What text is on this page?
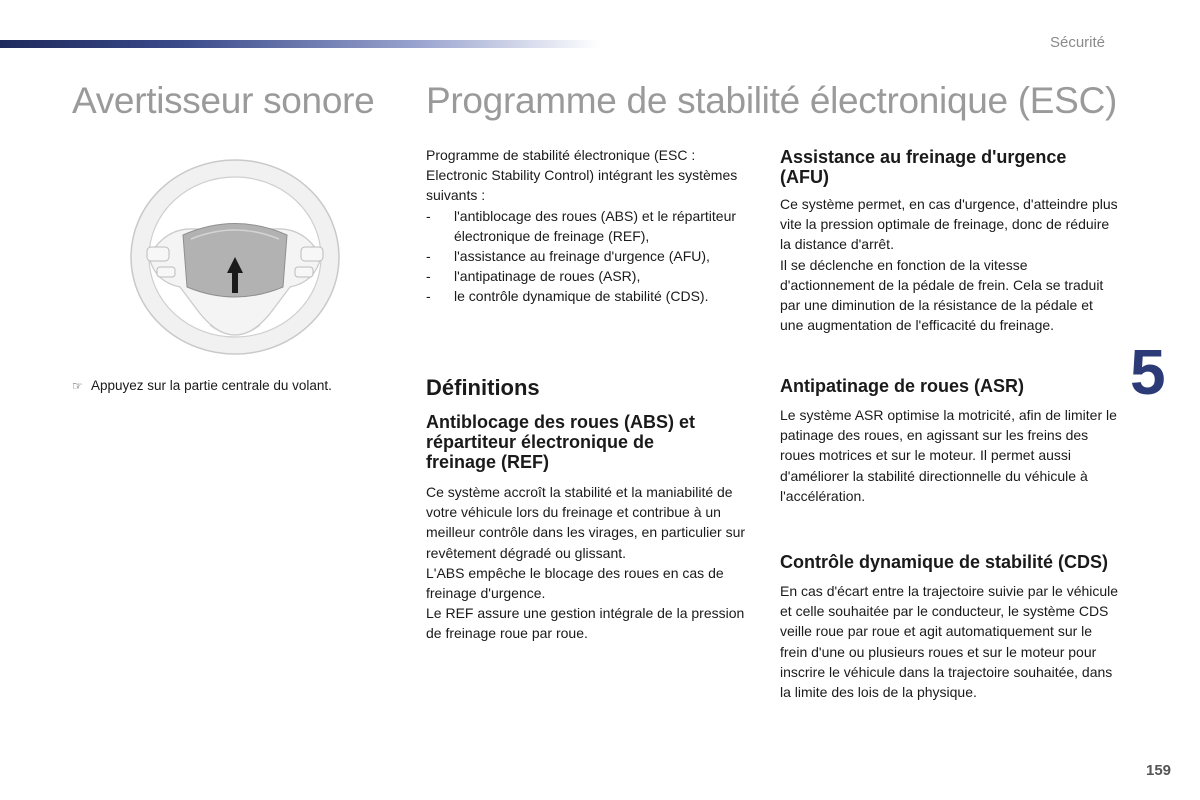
Sécurité
Avertisseur sonore Programme de stabilité électronique (ESC)
☞ Appuyez sur la partie centrale du volant.

Programme de stabilité électronique (ESC : Electronic Stability Control) intégrant les systèmes suivants :

- l'antiblocage des roues (ABS) et le répartiteur électronique de freinage (REF),
- l'assistance au freinage d'urgence (AFU),
- l'antipatinage de roues (ASR),
- le contrôle dynamique de stabilité (CDS).
Définitions
Antiblocage des roues (ABS) et répartiteur électronique de freinage (REF)

Ce système accroît la stabilité et la maniabilité de votre véhicule lors du freinage et contribue à un meilleur contrôle dans les virages, en particulier sur revêtement dégradé ou glissant.

L'ABS empêche le blocage des roues en cas de freinage d'urgence.

Le REF assure une gestion intégrale de la pression de freinage roue par roue.

Assistance au freinage d'urgence (AFU)

Ce système permet, en cas d'urgence, d'atteindre plus vite la pression optimale de freinage, donc de réduire la distance d'arrêt.

Il se déclenche en fonction de la vitesse d'actionnement de la pédale de frein. Cela se traduit par une diminution de la résistance de la pédale et une augmentation de l'efficacité du freinage.

Antipatinage de roues (ASR)

Le système ASR optimise la motricité, afin de limiter le patinage des roues, en agissant sur les freins des roues motrices et sur le moteur. Il permet aussi d'améliorer la stabilité directionnelle du véhicule à l'accélération.

Contrôle dynamique de stabilité (CDS)

En cas d'écart entre la trajectoire suivie par le véhicule et celle souhaitée par le conducteur, le système CDS veille roue par roue et agit automatiquement sur le frein d'une ou plusieurs roues et sur le moteur pour inscrire le véhicule dans la trajectoire souhaitée, dans la limite des lois de la physique.

5
159
